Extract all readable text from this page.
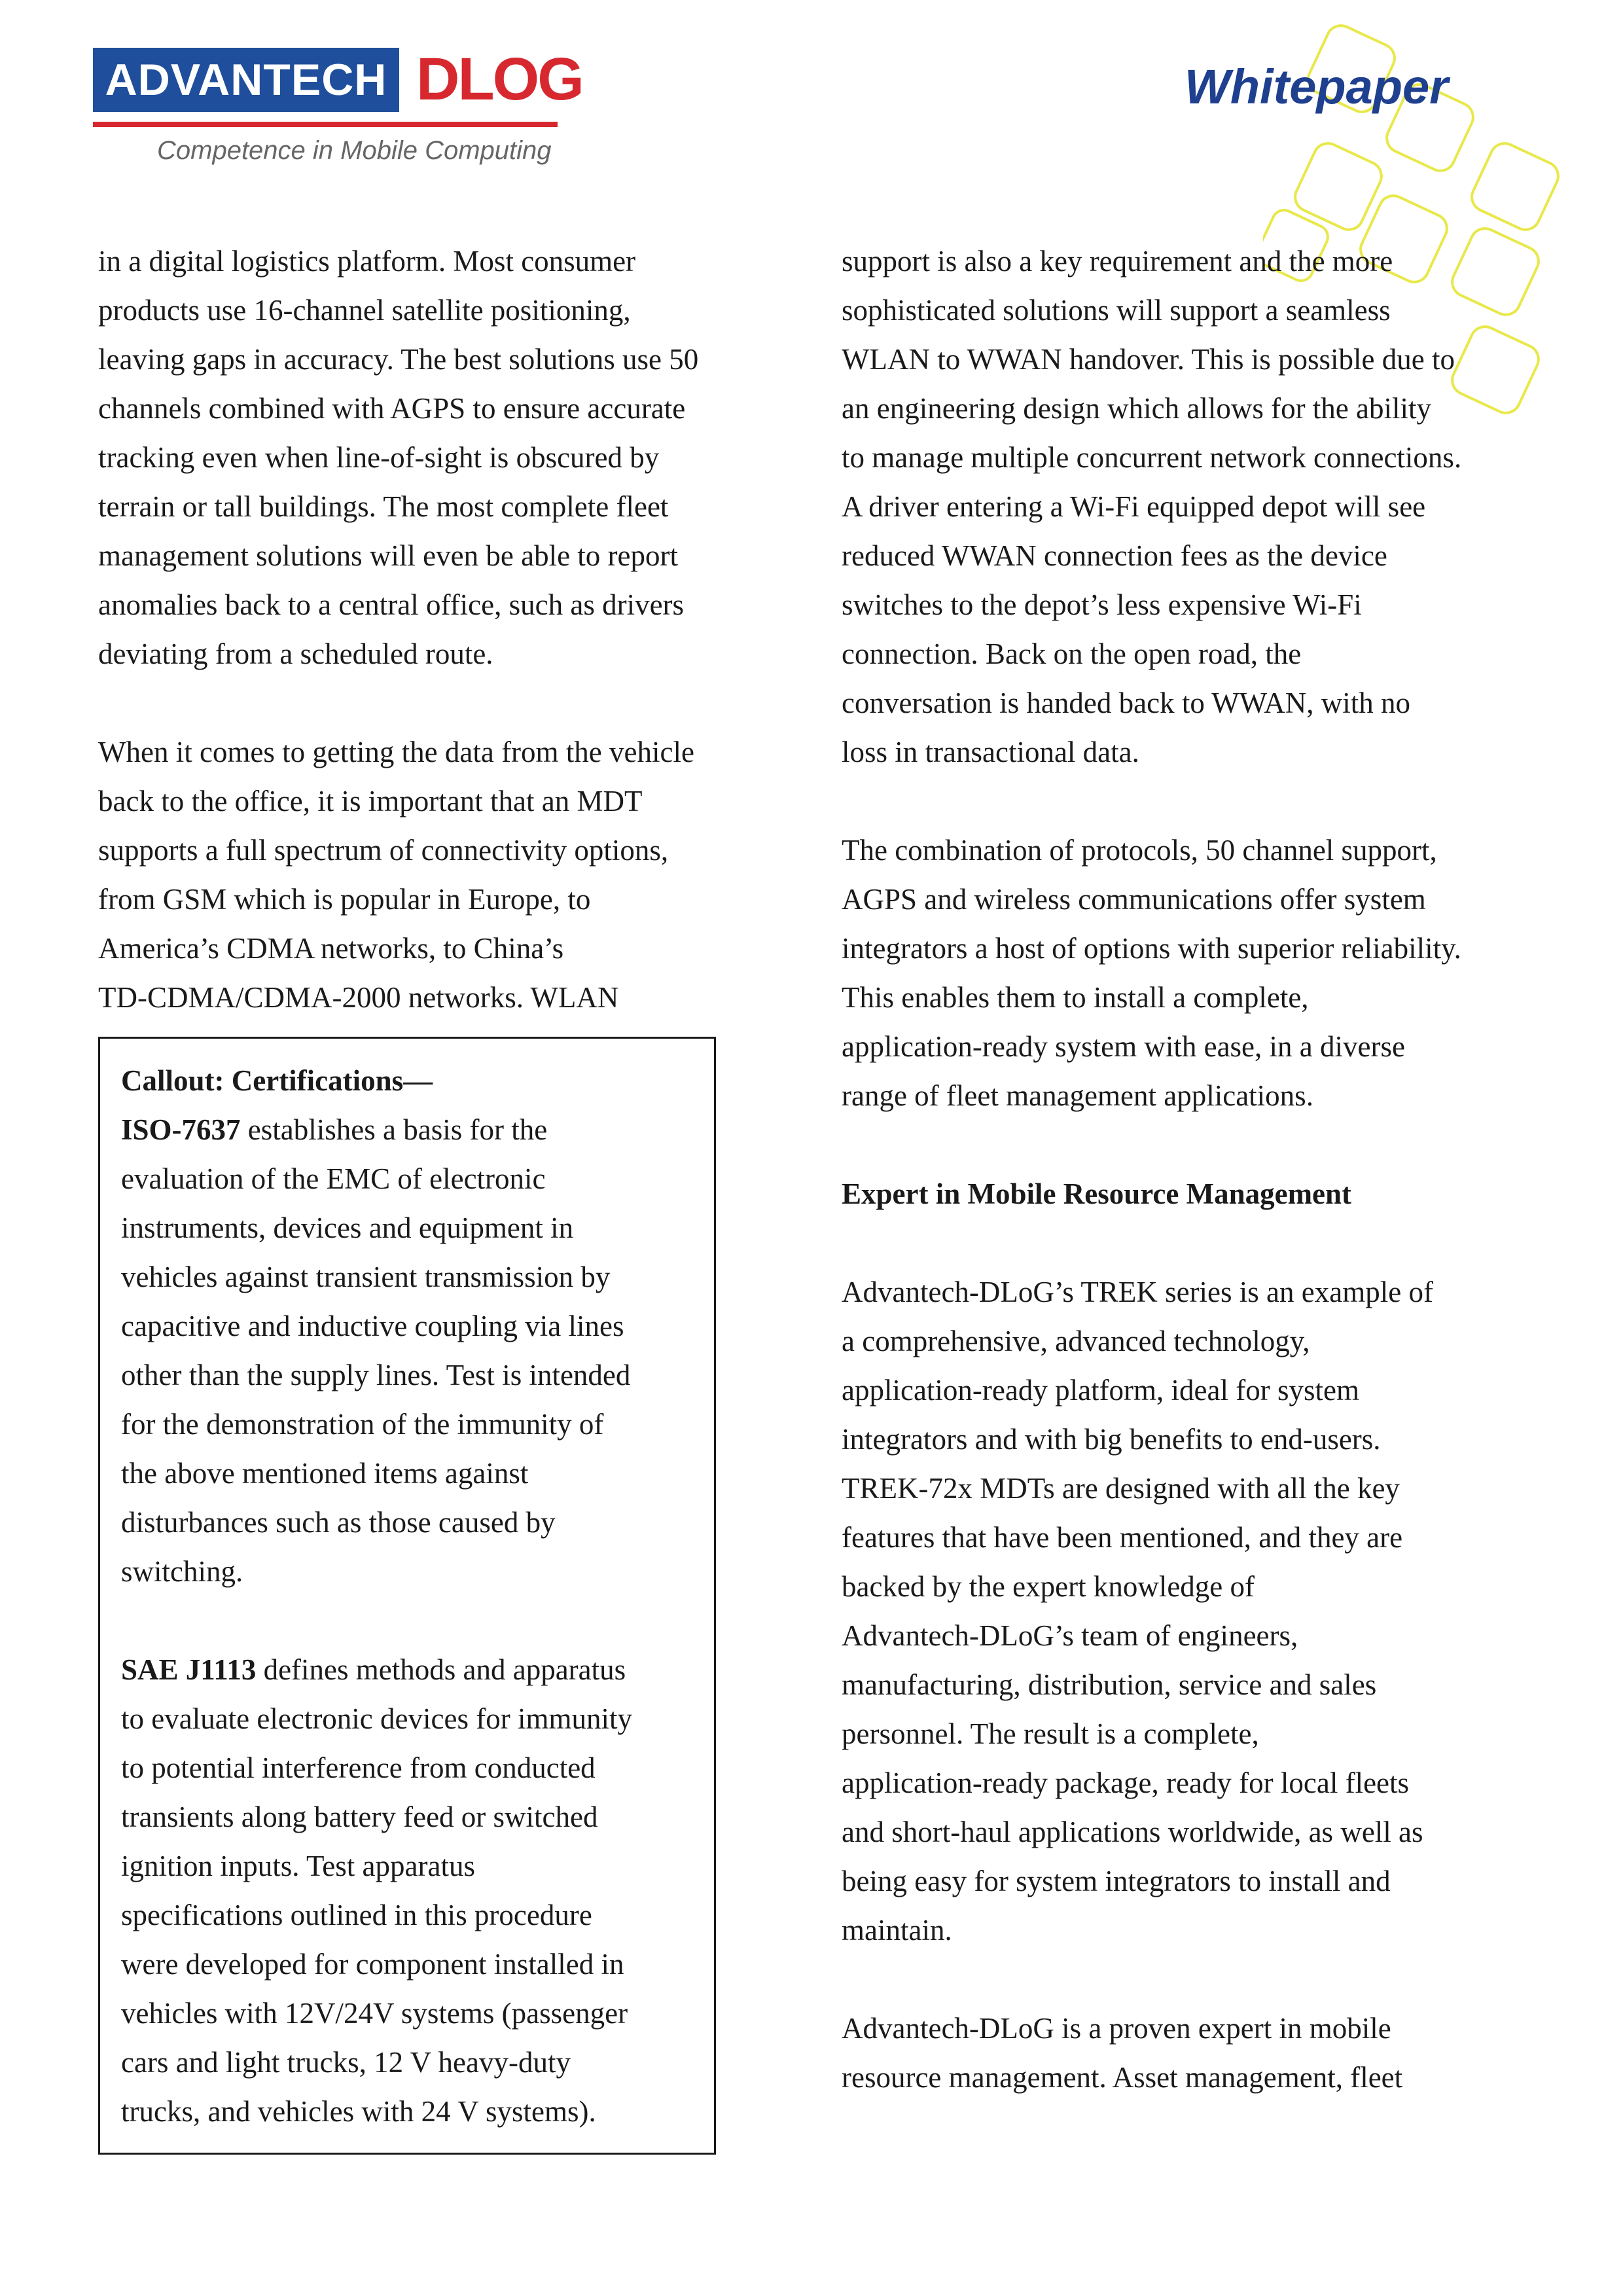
ADVANTECH DLOG
Competence in Mobile Computing
Whitepaper

in a digital logistics platform. Most consumer
products use 16-channel satellite positioning,
leaving gaps in accuracy. The best solutions use 50
channels combined with AGPS to ensure accurate
tracking even when line-of-sight is obscured by
terrain or tall buildings. The most complete fleet
management solutions will even be able to report
anomalies back to a central office, such as drivers
deviating from a scheduled route.

When it comes to getting the data from the vehicle
back to the office, it is important that an MDT
supports a full spectrum of connectivity options,
from GSM which is popular in Europe, to
America’s CDMA networks, to China’s
TD-CDMA/CDMA-2000 networks. WLAN

Callout: Certifications—

ISO-7637 establishes a basis for the
evaluation of the EMC of electronic
instruments, devices and equipment in
vehicles against transient transmission by
capacitive and inductive coupling via lines
other than the supply lines. Test is intended
for the demonstration of the immunity of
the above mentioned items against
disturbances such as those caused by
switching.

SAE J1113 defines methods and apparatus
to evaluate electronic devices for immunity
to potential interference from conducted
transients along battery feed or switched
ignition inputs. Test apparatus
specifications outlined in this procedure
were developed for component installed in
vehicles with 12V/24V systems (passenger
cars and light trucks, 12 V heavy-duty
trucks, and vehicles with 24 V systems).

support is also a key requirement and the more
sophisticated solutions will support a seamless
WLAN to WWAN handover. This is possible due to
an engineering design which allows for the ability
to manage multiple concurrent network connections.
A driver entering a Wi-Fi equipped depot will see
reduced WWAN connection fees as the device
switches to the depot’s less expensive Wi-Fi
connection. Back on the open road, the
conversation is handed back to WWAN, with no
loss in transactional data.

The combination of protocols, 50 channel support,
AGPS and wireless communications offer system
integrators a host of options with superior reliability.
This enables them to install a complete,
application-ready system with ease, in a diverse
range of fleet management applications.

Expert in Mobile Resource Management

Advantech-DLoG’s TREK series is an example of
a comprehensive, advanced technology,
application-ready platform, ideal for system
integrators and with big benefits to end-users.
TREK-72x MDTs are designed with all the key
features that have been mentioned, and they are
backed by the expert knowledge of
Advantech-DLoG’s team of engineers,
manufacturing, distribution, service and sales
personnel. The result is a complete,
application-ready package, ready for local fleets
and short-haul applications worldwide, as well as
being easy for system integrators to install and
maintain.

Advantech-DLoG is a proven expert in mobile
resource management. Asset management, fleet
